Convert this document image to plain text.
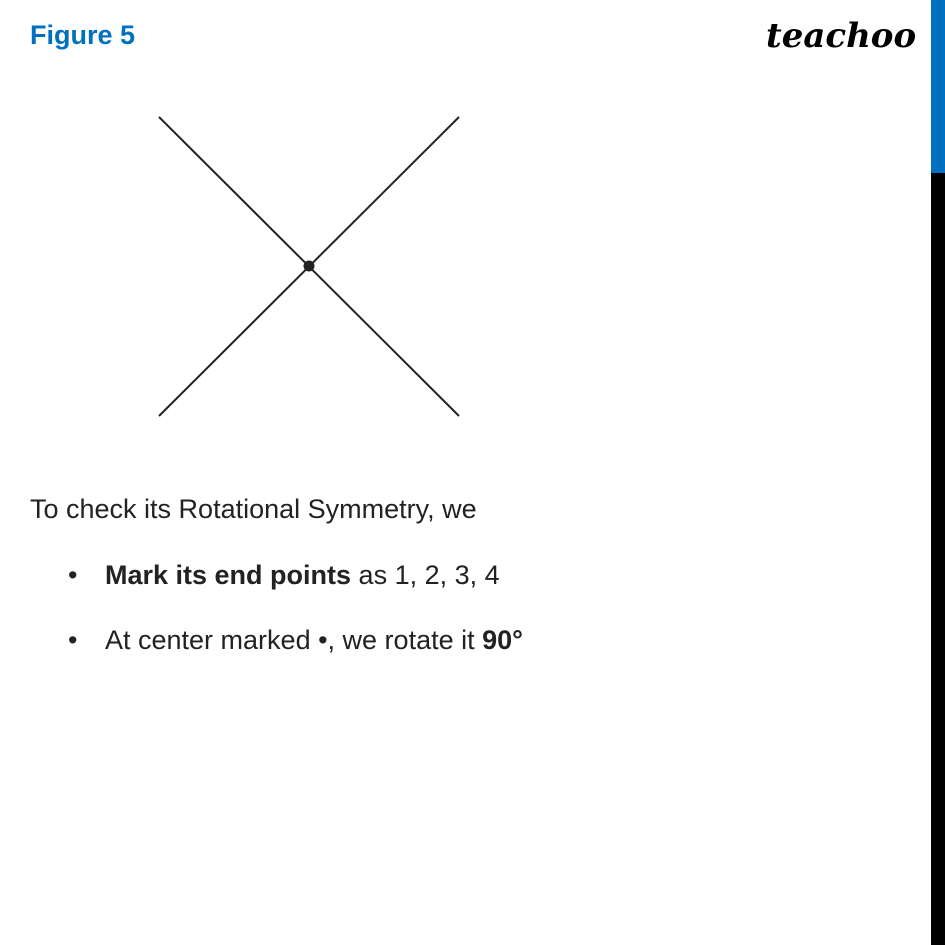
Figure 5	teachoo
To check its Rotational Symmetry, we
• Mark its end points as 1, 2, 3, 4
• At center marked •, we rotate it 90°
